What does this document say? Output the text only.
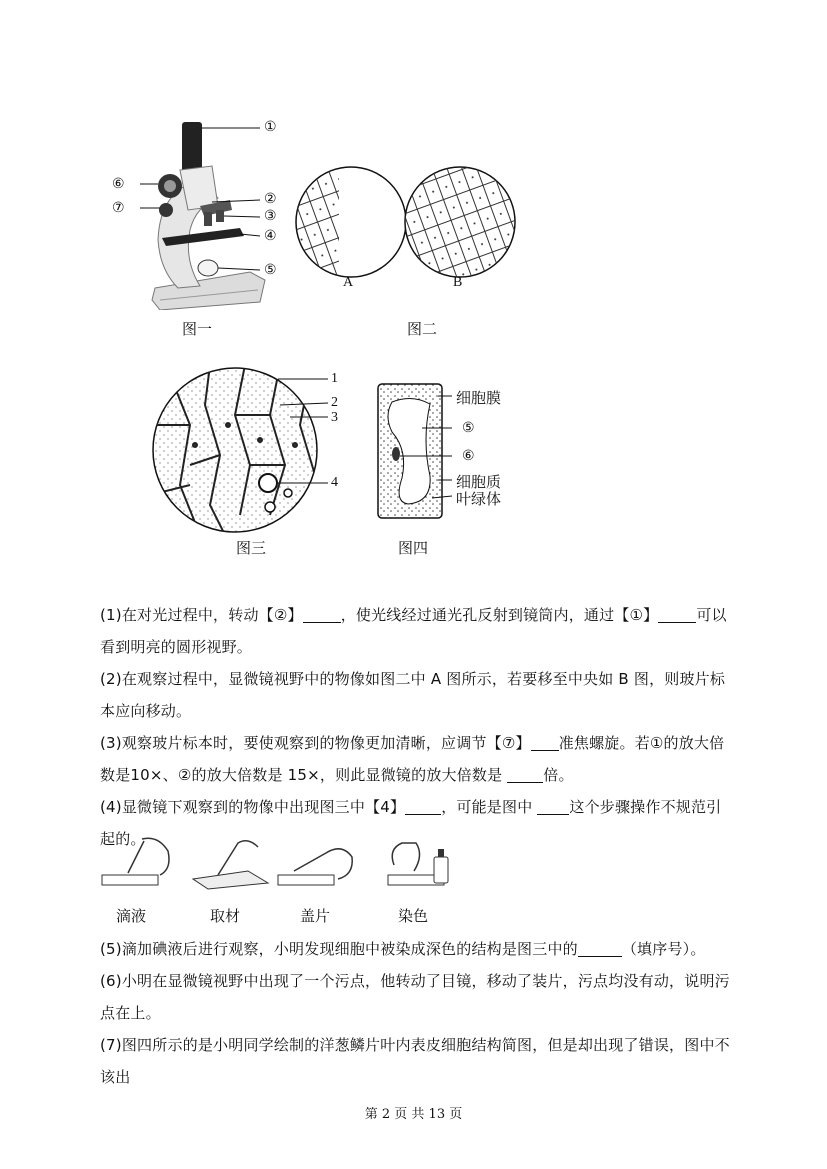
①
②
③
④
⑤
⑥
⑦
图一
A	B
图二
1
2
3
4
图三
细胞膜
⑤
⑥
细胞质
叶绿体
图四
(1)在对光过程中，转动【②】	，使光线经过通光孔反射到镜筒内，通过【①】	可以看到明亮的圆形视野。
(2)在观察过程中，显微镜视野中的物像如图二中 A 图所示，若要移至中央如 B 图，则玻片标本应向移动。
(3)观察玻片标本时，要使观察到的物像更加清晰，应调节【⑦】 准焦螺旋。若①的放大倍数是10×、②的放大倍数是 15×，则此显微镜的放大倍数是 倍。
(4)显微镜下观察到的物像中出现图三中【4】 ，可能是图中 这个步骤操作不规范引起的。
滴液	取材	盖片	染色
(5)滴加碘液后进行观察，小明发现细胞中被染成深色的结构是图三中的	（填序号）。
(6)小明在显微镜视野中出现了一个污点，他转动了目镜，移动了装片，污点均没有动，说明污点在上。
(7)图四所示的是小明同学绘制的洋葱鳞片叶内表皮细胞结构简图，但是却出现了错误，图中不该出
第 2 页 共 13 页
